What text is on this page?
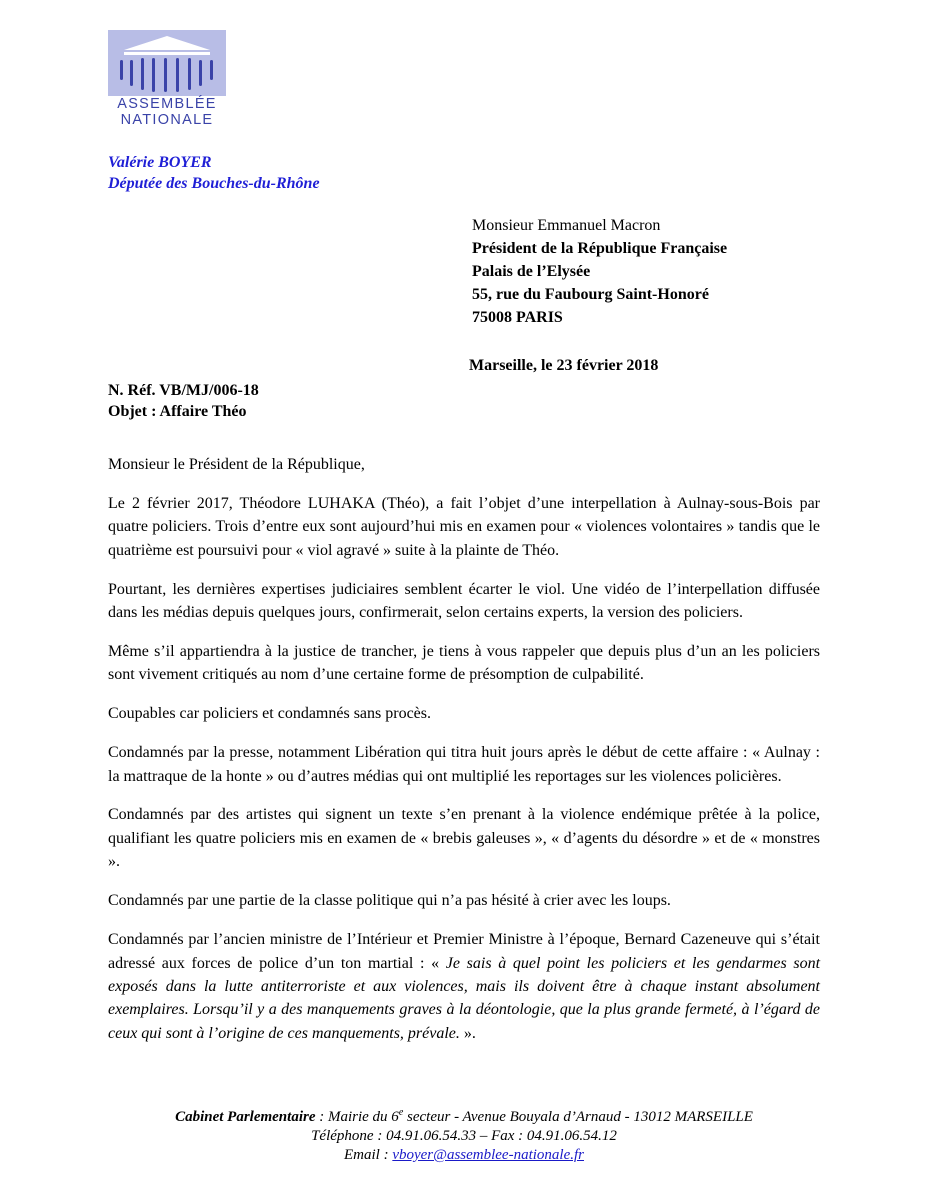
ASSEMBLÉE
NATIONALE
Valérie BOYER
Députée des Bouches-du-Rhône
Monsieur Emmanuel Macron
Président de la République Française
Palais de l’Elysée
55, rue du Faubourg Saint-Honoré
75008 PARIS
Marseille, le 23 février 2018
N. Réf. VB/MJ/006-18
Objet : Affaire Théo

Monsieur le Président de la République,

Le 2 février 2017, Théodore LUHAKA (Théo), a fait l’objet d’une interpellation à Aulnay-sous-Bois par quatre policiers. Trois d’entre eux sont aujourd’hui mis en examen pour « violences volontaires » tandis que le quatrième est poursuivi pour « viol agravé » suite à la plainte de Théo.

Pourtant, les dernières expertises judiciaires semblent écarter le viol. Une vidéo de l’interpellation diffusée dans les médias depuis quelques jours, confirmerait, selon certains experts, la version des policiers.

Même s’il appartiendra à la justice de trancher, je tiens à vous rappeler que depuis plus d’un an les policiers sont vivement critiqués au nom d’une certaine forme de présomption de culpabilité.

Coupables car policiers et condamnés sans procès.

Condamnés par la presse, notamment Libération qui titra huit jours après le début de cette affaire : « Aulnay : la mattraque de la honte » ou d’autres médias qui ont multiplié les reportages sur les violences policières.

Condamnés par des artistes qui signent un texte s’en prenant à la violence endémique prêtée à la police, qualifiant les quatre policiers mis en examen de « brebis galeuses », « d’agents du désordre » et de « monstres ».

Condamnés par une partie de la classe politique qui n’a pas hésité à crier avec les loups.

Condamnés par l’ancien ministre de l’Intérieur et Premier Ministre à l’époque, Bernard Cazeneuve qui s’était adressé aux forces de police d’un ton martial : « Je sais à quel point les policiers et les gendarmes sont exposés dans la lutte antiterroriste et aux violences, mais ils doivent être à chaque instant absolument exemplaires. Lorsqu’il y a des manquements graves à la déontologie, que la plus grande fermeté, à l’égard de ceux qui sont à l’origine de ces manquements, prévale. ».

Cabinet Parlementaire : Mairie du 6e secteur - Avenue Bouyala d’Arnaud - 13012 MARSEILLE
Téléphone : 04.91.06.54.33 – Fax : 04.91.06.54.12
Email : vboyer@assemblee-nationale.fr
